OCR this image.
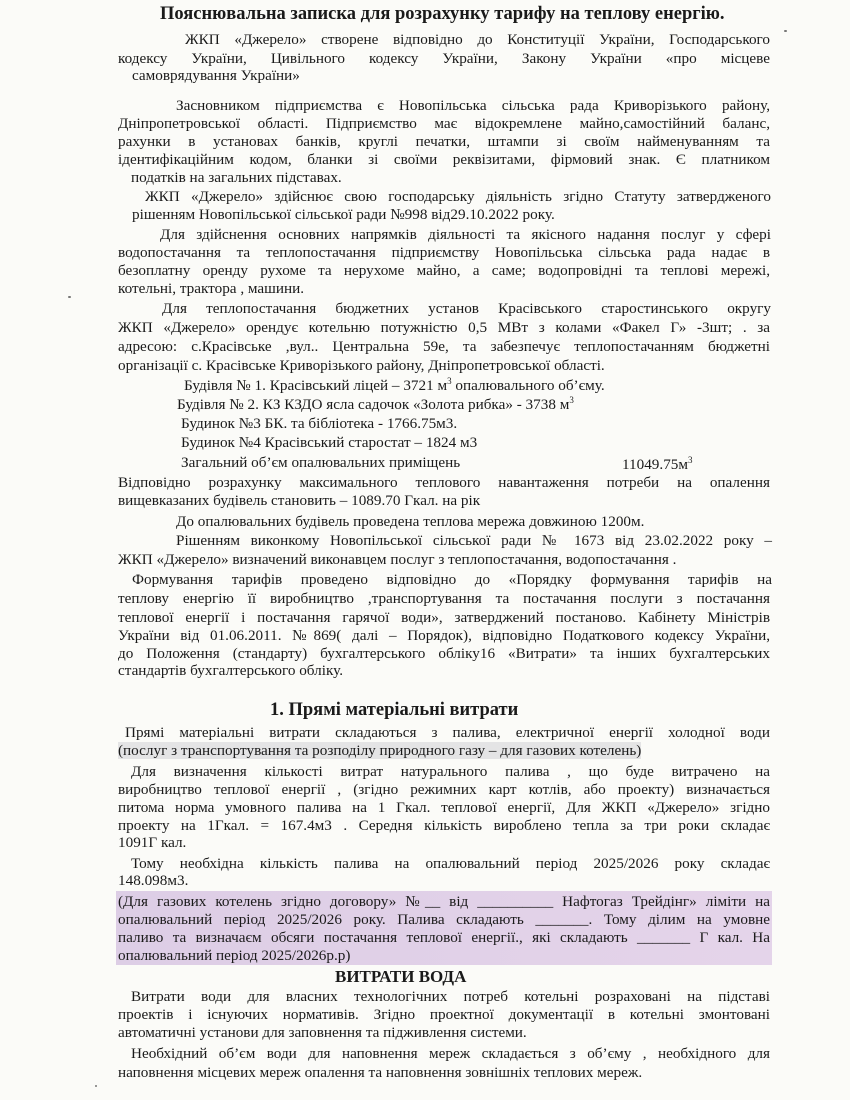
Пояснювальна записка для розрахунку тарифу на теплову енергію.
ЖКП «Джерело» створене відповідно до Конституції України, Господарського
кодексу України, Цивільного кодексу України, Закону України «про місцеве
самоврядування України»
Засновником підприємства є Новопільська сільська рада Криворізького району,
Дніпропетровської області. Підприємство має відокремлене майно,самостійний баланс,
рахунки в установах банків, круглі печатки, штампи зі своїм найменуванням та
ідентифікаційним кодом, бланки зі своїми реквізитами, фірмовий знак. Є платником
податків на загальних підставах.
ЖКП «Джерело» здійснює свою господарську діяльність згідно Статуту затвердженого
рішенням Новопільської сільської ради №998 від29.10.2022 року.
Для здійснення основних напрямків діяльності та якісного надання послуг у сфері
водопостачання та теплопостачання підприємству Новопільська сільська рада надає в
безоплатну оренду рухоме та нерухоме майно, а саме; водопровідні та теплові мережі,
котельні, трактора , машини.
Для теплопостачання бюджетних установ Красівського старостинського округу
ЖКП «Джерело» орендує котельню потужністю 0,5 МВт з колами «Факел Г» -3шт; . за
адресою: с.Красівське ,вул.. Центральна 59е, та забезпечує теплопостачанням бюджетні
організації с. Красівське Криворізького району, Дніпропетровської області.
Будівля № 1. Красівський ліцей – 3721 $м^3$ опалювального об’єму.
Будівля № 2. КЗ КЗДО ясла садочок «Золота рибка» - 3738 $м^3$
Будинок №3 БК. та бібліотека - 1766.75м3.
Будинок №4 Красівський старостат – 1824 м3
Загальний об’єм опалювальних приміщень	$11049.75м^3$
Відповідно розрахунку максимального теплового навантаження потреби на опалення
вищевказаних будівель становить – 1089.70 Гкал. на рік
До опалювальних будівель проведена теплова мережа довжиною 1200м.
Рішенням виконкому Новопільської сільської ради № 1673 від 23.02.2022 року –
ЖКП «Джерело» визначений виконавцем послуг з теплопостачання, водопостачання .
Формування тарифів проведено відповідно до «Порядку формування тарифів на
теплову енергію її виробництво ,транспортування та постачання послуги з постачання
теплової енергії і постачання гарячої води», затверджений постаново. Кабінету Міністрів
України від 01.06.2011. №869( далі – Порядок), відповідно Податкового кодексу України,
до Положення (стандарту) бухгалтерського обліку16 «Витрати» та інших бухгалтерських
стандартів бухгалтерського обліку.
1. Прямі матеріальні витрати
Прямі матеріальні витрати складаються з палива, електричної енергії холодної води
(послуг з транспортування та розподілу природного газу – для газових котелень)
Для визначення кількості витрат натурального палива , що буде витрачено на
виробництво теплової енергії , (згідно режимних карт котлів, або проекту) визначається
питома норма умовного палива на 1 Гкал. теплової енергії, Для ЖКП «Джерело» згідно
проекту на 1Гкал. = 167.4м3 . Середня кількість вироблено тепла за три роки складає
1091Г кал.
Тому необхідна кількість палива на опалювальний період 2025/2026 року складає
148.098м3.
(Для газових котелень згідно договору» №__ від __________ Нафтогаз Трейдінг» ліміти на
опалювальний період 2025/2026 року. Палива складають _______. Тому ділим на умовне
паливо та визначаєм обсяги постачання теплової енергії., які складають _______ Г кал. На
опалювальний період 2025/2026р.р)
ВИТРАТИ ВОДА
Витрати води для власних технологічних потреб котельні розраховані на підставі
проектів і існуючих нормативів. Згідно проектної документації в котельні змонтовані
автоматичні установи для заповнення та підживлення системи.
Необхідний об’єм води для наповнення мереж складається з об’єму , необхідного для
наповнення місцевих мереж опалення та наповнення зовнішніх теплових мереж.
